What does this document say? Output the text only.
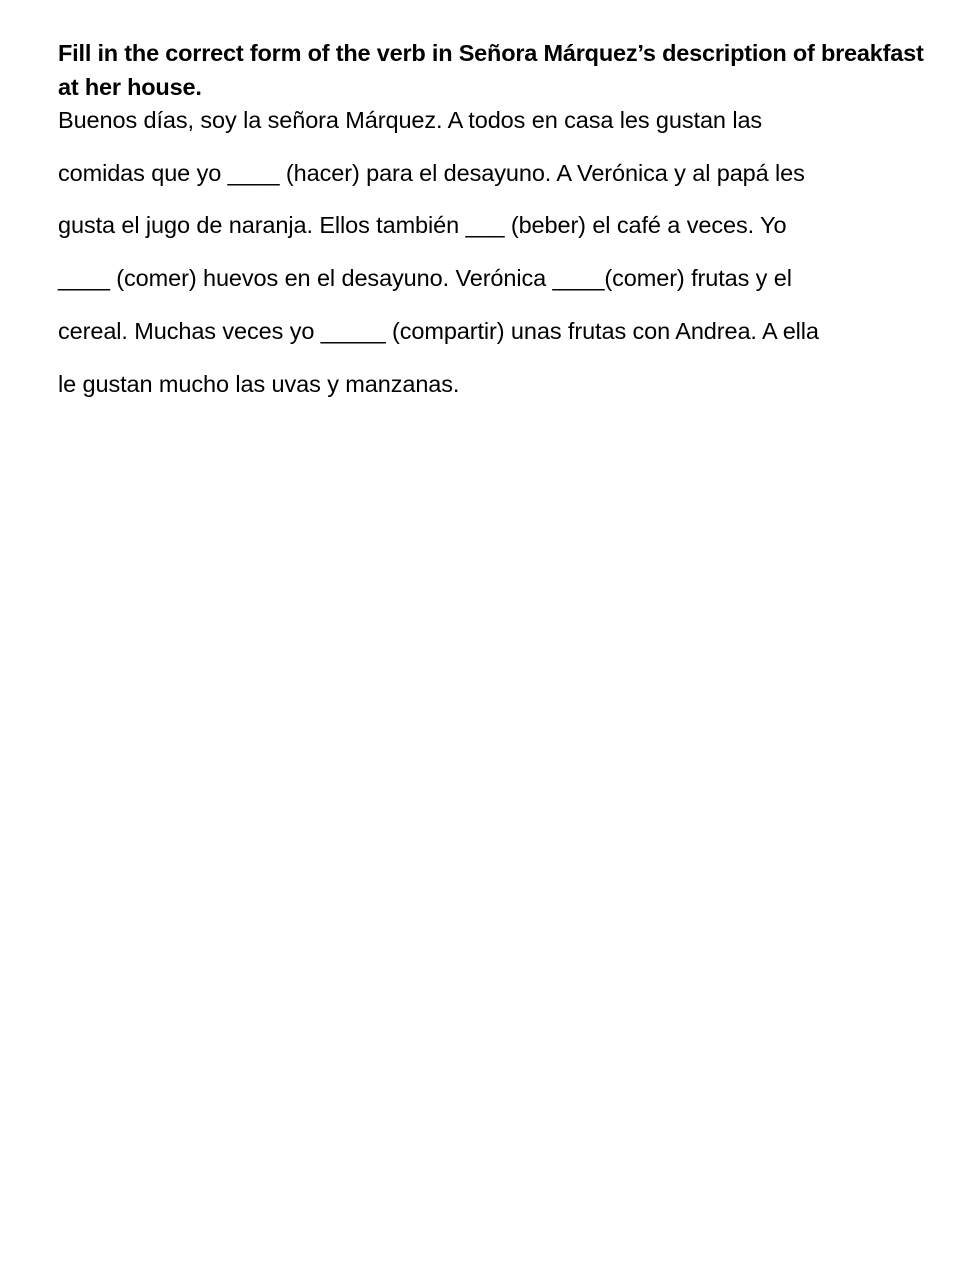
Fill in the correct form of the verb in Señora Márquez’s description of breakfast at her house.

Buenos días, soy la señora Márquez. A todos en casa les gustan las
comidas que yo ____ (hacer) para el desayuno. A Verónica y al papá les
gusta el jugo de naranja. Ellos también ___ (beber) el café a veces. Yo
____ (comer) huevos en el desayuno. Verónica ____(comer) frutas y el
cereal. Muchas veces yo _____ (compartir) unas frutas con Andrea. A ella
le gustan mucho las uvas y manzanas.
